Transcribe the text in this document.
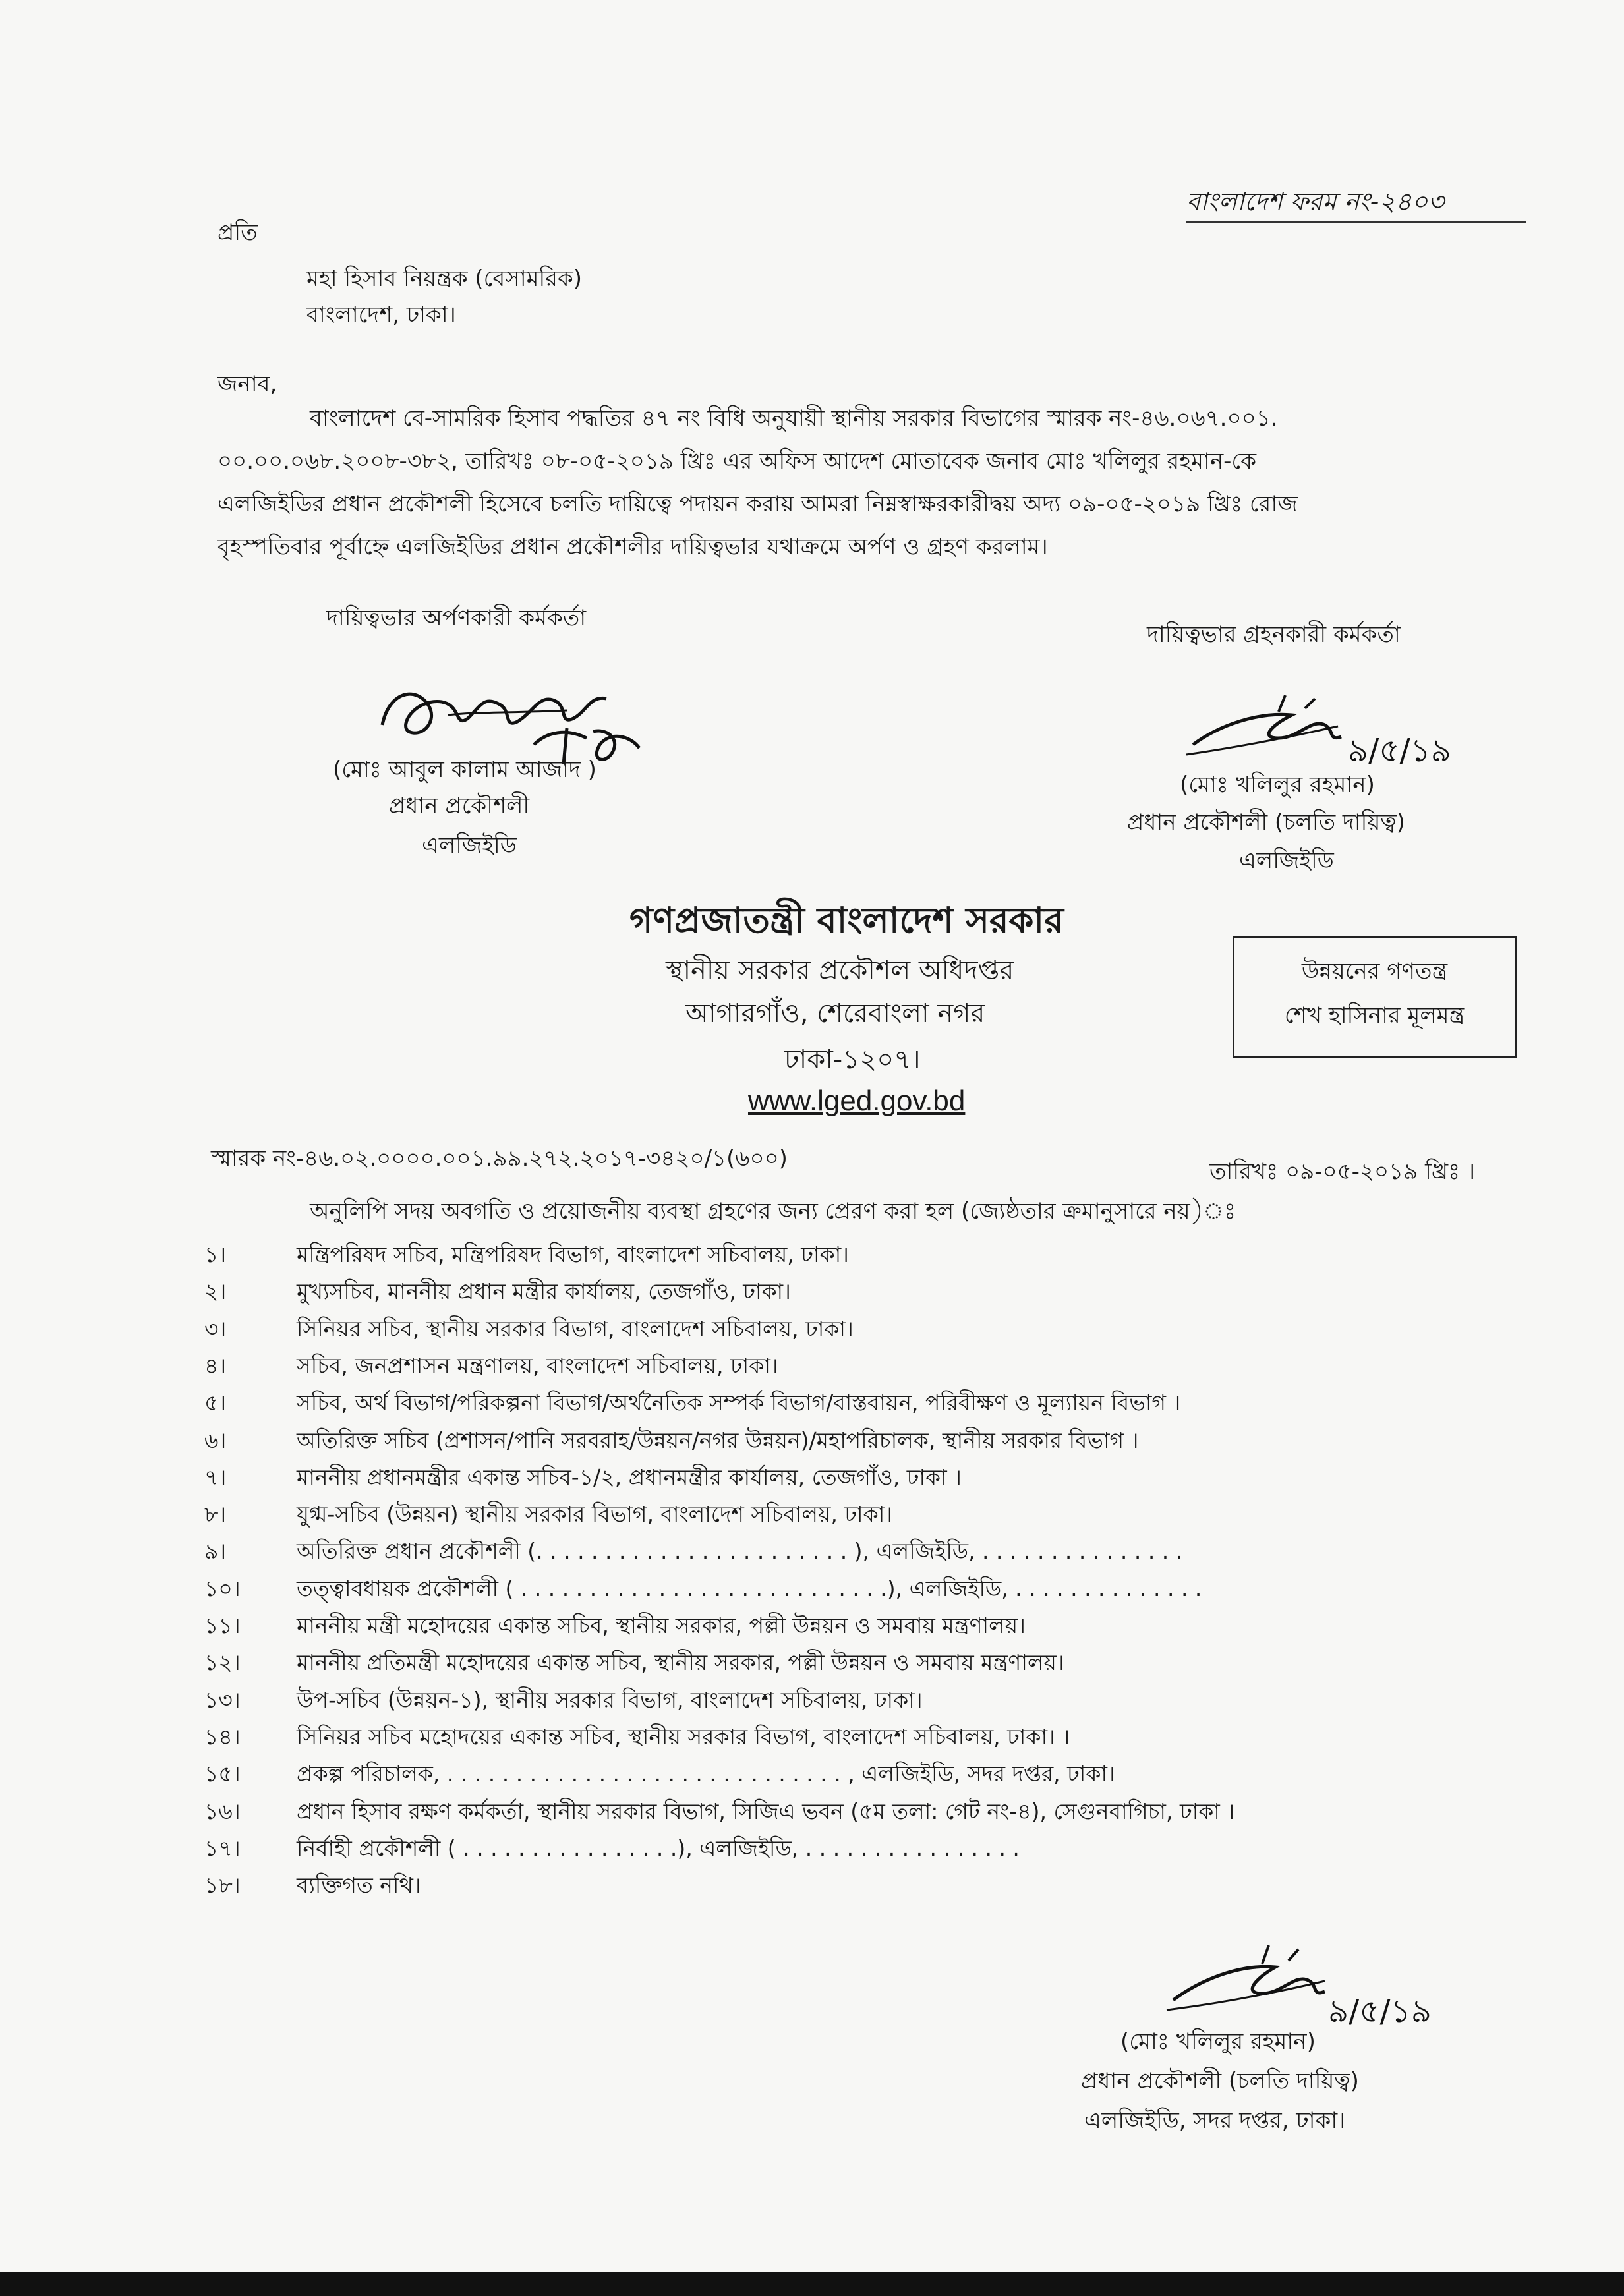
বাংলাদেশ ফরম নং-২৪০৩
প্রতি
মহা হিসাব নিয়ন্ত্রক (বেসামরিক)
বাংলাদেশ, ঢাকা।
জনাব,
বাংলাদেশ বে-সামরিক হিসাব পদ্ধতির ৪৭ নং বিধি অনুযায়ী স্থানীয় সরকার বিভাগের স্মারক নং-৪৬.০৬৭.০০১.
০০.০০.০৬৮.২০০৮-৩৮২, তারিখঃ ০৮-০৫-২০১৯ খ্রিঃ এর অফিস আদেশ মোতাবেক জনাব মোঃ খলিলুর রহমান-কে
এলজিইডির প্রধান প্রকৌশলী হিসেবে চলতি দায়িত্বে পদায়ন করায় আমরা নিম্নস্বাক্ষরকারীদ্বয় অদ্য ০৯-০৫-২০১৯ খ্রিঃ রোজ
বৃহস্পতিবার পূর্বাহ্নে এলজিইডির প্রধান প্রকৌশলীর দায়িত্বভার যথাক্রমে অর্পণ ও গ্রহণ করলাম।
দায়িত্বভার অর্পণকারী কর্মকর্তা
দায়িত্বভার গ্রহনকারী কর্মকর্তা
(মোঃ আবুল কালাম আজাদ )
প্রধান প্রকৌশলী
এলজিইডি
৯/৫/১৯
(মোঃ খলিলুর রহমান)
প্রধান প্রকৌশলী (চলতি দায়িত্ব)
এলজিইডি
গণপ্রজাতন্ত্রী বাংলাদেশ সরকার
স্থানীয় সরকার প্রকৌশল অধিদপ্তর
আগারগাঁও, শেরেবাংলা নগর
ঢাকা-১২০৭।
www.lged.gov.bd
উন্নয়নের গণতন্ত্র
শেখ হাসিনার মূলমন্ত্র
স্মারক নং-৪৬.০২.০০০০.০০১.৯৯.২৭২.২০১৭-৩৪২০/১(৬০০)	তারিখঃ ০৯-০৫-২০১৯ খ্রিঃ ।
অনুলিপি সদয় অবগতি ও প্রয়োজনীয় ব্যবস্থা গ্রহণের জন্য প্রেরণ করা হল (জ্যেষ্ঠতার ক্রমানুসারে নয়)ঃ
১।	মন্ত্রিপরিষদ সচিব, মন্ত্রিপরিষদ বিভাগ, বাংলাদেশ সচিবালয়, ঢাকা।
২।	মুখ্যসচিব, মাননীয় প্রধান মন্ত্রীর কার্যালয়, তেজগাঁও, ঢাকা।
৩।	সিনিয়র সচিব, স্থানীয় সরকার বিভাগ, বাংলাদেশ সচিবালয়, ঢাকা।
৪।	সচিব, জনপ্রশাসন মন্ত্রণালয়, বাংলাদেশ সচিবালয়, ঢাকা।
৫।	সচিব, অর্থ বিভাগ/পরিকল্পনা বিভাগ/অর্থনৈতিক সম্পর্ক বিভাগ/বাস্তবায়ন, পরিবীক্ষণ ও মূল্যায়ন বিভাগ ।
৬।	অতিরিক্ত সচিব (প্রশাসন/পানি সরবরাহ/উন্নয়ন/নগর উন্নয়ন)/মহাপরিচালক, স্থানীয় সরকার বিভাগ ।
৭।	মাননীয় প্রধানমন্ত্রীর একান্ত সচিব-১/২, প্রধানমন্ত্রীর কার্যালয়, তেজগাঁও, ঢাকা ।
৮।	যুগ্ম-সচিব (উন্নয়ন) স্থানীয় সরকার বিভাগ, বাংলাদেশ সচিবালয়, ঢাকা।
৯।	অতিরিক্ত প্রধান প্রকৌশলী (. . . . . . . . . . . . . . . . . . . . . . . ), এলজিইডি, . . . . . . . . . . . . . . .
১০।	তত্ত্বাবধায়ক প্রকৌশলী ( . . . . . . . . . . . . . . . . . . . . . . . . . . .), এলজিইডি, . . . . . . . . . . . . . .
১১।	মাননীয় মন্ত্রী মহোদয়ের একান্ত সচিব, স্থানীয় সরকার, পল্লী উন্নয়ন ও সমবায় মন্ত্রণালয়।
১২।	মাননীয় প্রতিমন্ত্রী মহোদয়ের একান্ত সচিব, স্থানীয় সরকার, পল্লী উন্নয়ন ও সমবায় মন্ত্রণালয়।
১৩।	উপ-সচিব (উন্নয়ন-১), স্থানীয় সরকার বিভাগ, বাংলাদেশ সচিবালয়, ঢাকা।
১৪।	সিনিয়র সচিব মহোদয়ের একান্ত সচিব, স্থানীয় সরকার বিভাগ, বাংলাদেশ সচিবালয়, ঢাকা। ।
১৫।	প্রকল্প পরিচালক, . . . . . . . . . . . . . . . . . . . . . . . . . . . . . , এলজিইডি, সদর দপ্তর, ঢাকা।
১৬।	প্রধান হিসাব রক্ষণ কর্মকর্তা, স্থানীয় সরকার বিভাগ, সিজিএ ভবন (৫ম তলা: গেট নং-৪), সেগুনবাগিচা, ঢাকা ।
১৭।	নির্বাহী প্রকৌশলী ( . . . . . . . . . . . . . . . .), এলজিইডি, . . . . . . . . . . . . . . . .
১৮।	ব্যক্তিগত নথি।
৯/৫/১৯
(মোঃ খলিলুর রহমান)
প্রধান প্রকৌশলী (চলতি দায়িত্ব)
এলজিইডি, সদর দপ্তর, ঢাকা।
